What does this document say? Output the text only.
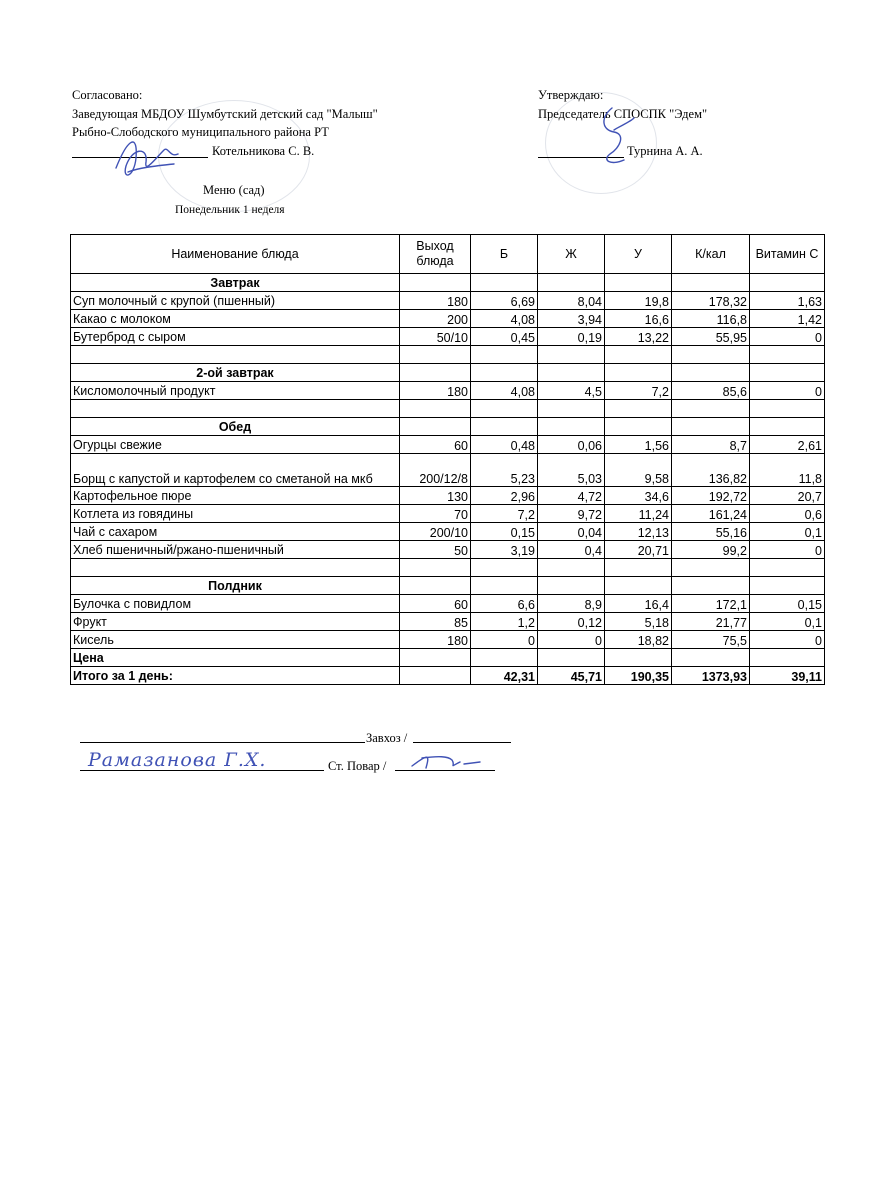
Согласовано:
Заведующая МБДОУ Шумбутский детский сад "Малыш"
Рыбно-Слободского муниципального района РТ
Котельникова С. В.
Утверждаю:
Председатель СПОСПК "Эдем"
Турнина А. А.
Меню (сад)
Понедельник 1 неделя
Наименование блюда	Выход блюда	Б	Ж	У	К/кал	Витамин С
Завтрак						
Суп молочный с крупой (пшенный)	180	6,69	8,04	19,8	178,32	1,63
Какао с молоком	200	4,08	3,94	16,6	116,8	1,42
Бутерброд с сыром	50/10	0,45	0,19	13,22	55,95	0

2-ой завтрак						
Кисломолочный продукт	180	4,08	4,5	7,2	85,6	0

Обед						
Огурцы свежие	60	0,48	0,06	1,56	8,7	2,61
Борщ с капустой и картофелем со сметаной на мкб	200/12/8	5,23	5,03	9,58	136,82	11,8
Картофельное пюре	130	2,96	4,72	34,6	192,72	20,7
Котлета из говядины	70	7,2	9,72	11,24	161,24	0,6
Чай с сахаром	200/10	0,15	0,04	12,13	55,16	0,1
Хлеб пшеничный/ржано-пшеничный	50	3,19	0,4	20,71	99,2	0

Полдник						
Булочка с повидлом	60	6,6	8,9	16,4	172,1	0,15
Фрукт	85	1,2	0,12	5,18	21,77	0,1
Кисель	180	0	0	18,82	75,5	0
Цена						
Итого за 1 день:		42,31	45,71	190,35	1373,93	39,11
Завхоз /
Рамазанова Г.Х.	Ст. Повар /
